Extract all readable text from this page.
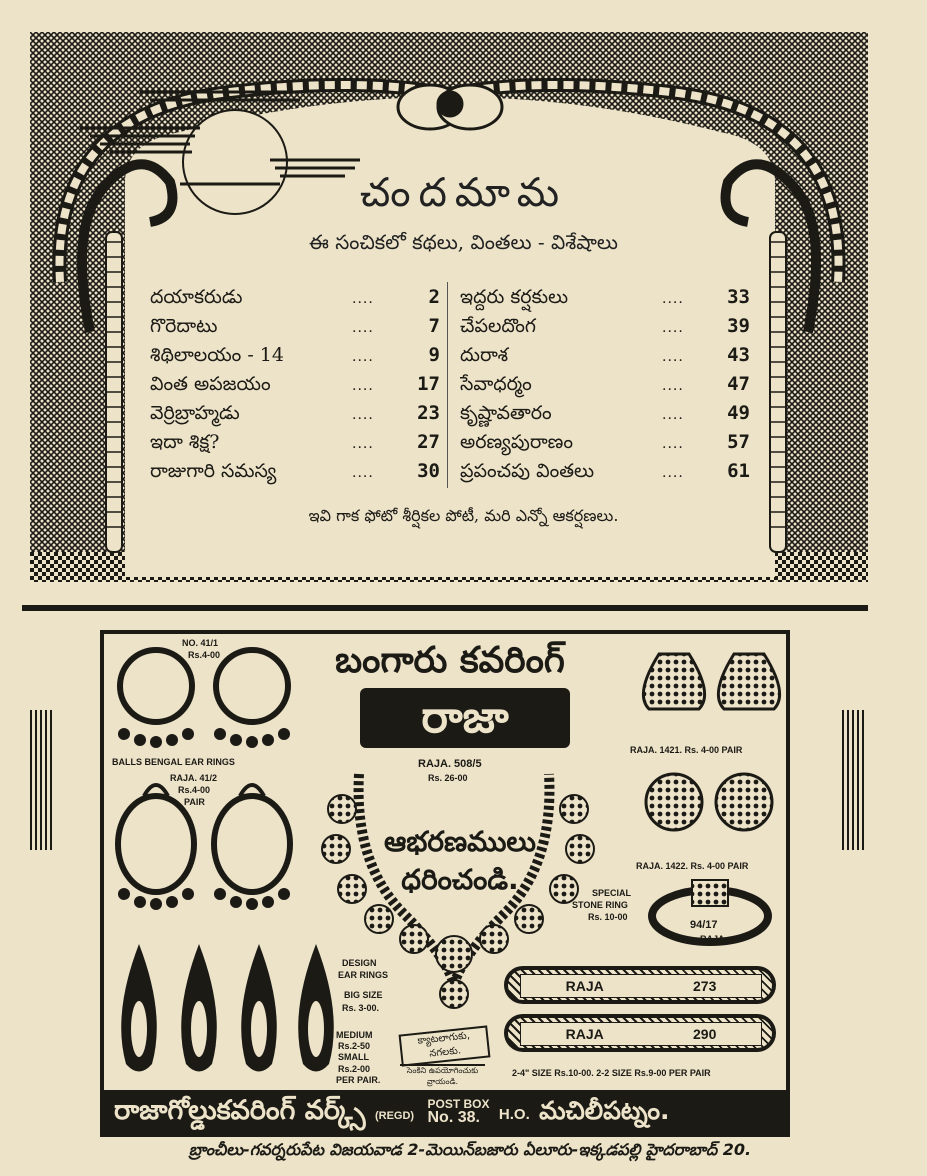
చందమామ
ఈ సంచికలో కథలు, వింతలు - విశేషాలు
దయాకరుడు	....	2
గొరెదాటు	....	7
శిథిలాలయం - 14	....	9
వింత అపజయం	....	17
వెర్రిబ్రాహ్మడు	....	23
ఇదా శిక్ష?	....	27
రాజుగారి సమస్య	....	30
ఇద్దరు కర్షకులు	....	33
చేపలదొంగ	....	39
దురాశ	....	43
సేవాధర్మం	....	47
కృష్ణావతారం	....	49
అరణ్యపురాణం	....	57
ప్రపంచపు వింతలు	....	61
ఇవి గాక ఫోటో శీర్షికల పోటీ, మరి ఎన్నో ఆకర్షణలు.
బంగారు కవరింగ్
రాజా
ఆభరణములు
ధరించండి.
NO. 41/1
Rs.4-00
BALLS BENGAL EAR RINGS
RAJA. 41/2
Rs.4-00
PAIR
RAJA. 508/5
Rs. 26-00
RAJA. 1421. Rs. 4-00 PAIR
RAJA. 1422. Rs. 4-00 PAIR
SPECIAL
STONE RING
Rs. 10-00
94/17
RAJA
DESIGN
EAR RINGS
BIG SIZE
Rs. 3-00.
MEDIUM
Rs.2-50
SMALL
Rs.2-00
PER PAIR.
క్యాటలాగుకు,
నగలకు.
సెంకిని ఉపయోగించుకు వ్రాయండి.
RAJA	273
RAJA	290
2-4" SIZE Rs.10-00. 2-2 SIZE Rs.9-00 PER PAIR
రాజాగోల్డుకవరింగ్ వర్క్స్ (REGD) POST BOX
No. 38. H.O. మచిలీపట్నం.
బ్రాంచీలు-గవర్నరుపేట విజయవాడ 2-మెయిన్‌బజారు ఏలూరు-ఇక్కడపల్లి హైదరాబాద్ 20.
